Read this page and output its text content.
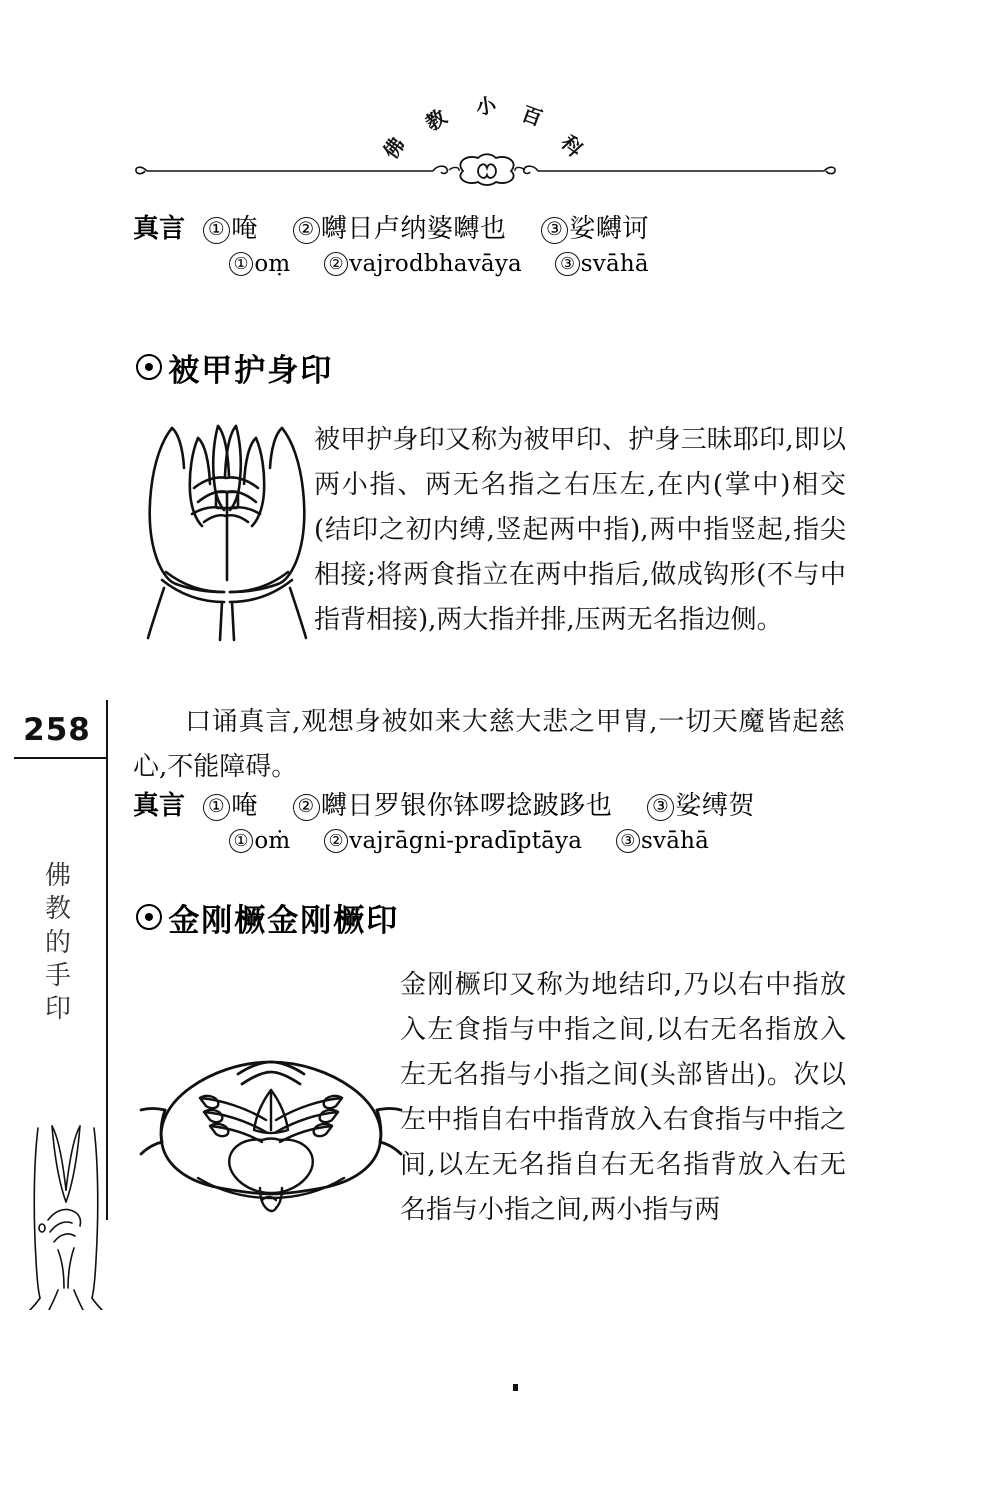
佛
教 小 百
科
真言 ① 唵 ② 嚩日卢纳婆嚩也 ③ 娑嚩诃
① oṃ ② vajrodbhavāya ③ svāhā
被甲护身印
被甲护身印又称为被甲印、护身三昧耶印,即以两小指、两无名指之右压左,在内(掌中)相交(结印之初内缚,竖起两中指),两中指竖起,指尖相接;将两食指立在两中指后,做成钩形(不与中指背相接),两大指并排,压两无名指边侧。
口诵真言,观想身被如来大慈大悲之甲胄,一切天魔皆起慈心,不能障碍。
258
佛
教
的
手
印
真言 ① 唵 ② 嚩日罗银你钵啰捻跛跢也 ③ 娑缚贺
① oṁ ② vajrāgni-pradīptāya ③ svāhā
金刚橛金刚橛印
金刚橛印又称为地结印,乃以右中指放入左食指与中指之间,以右无名指放入左无名指与小指之间(头部皆出)。次以左中指自右中指背放入右食指与中指之间,以左无名指自右无名指背放入右无名指与小指之间,两小指与两
